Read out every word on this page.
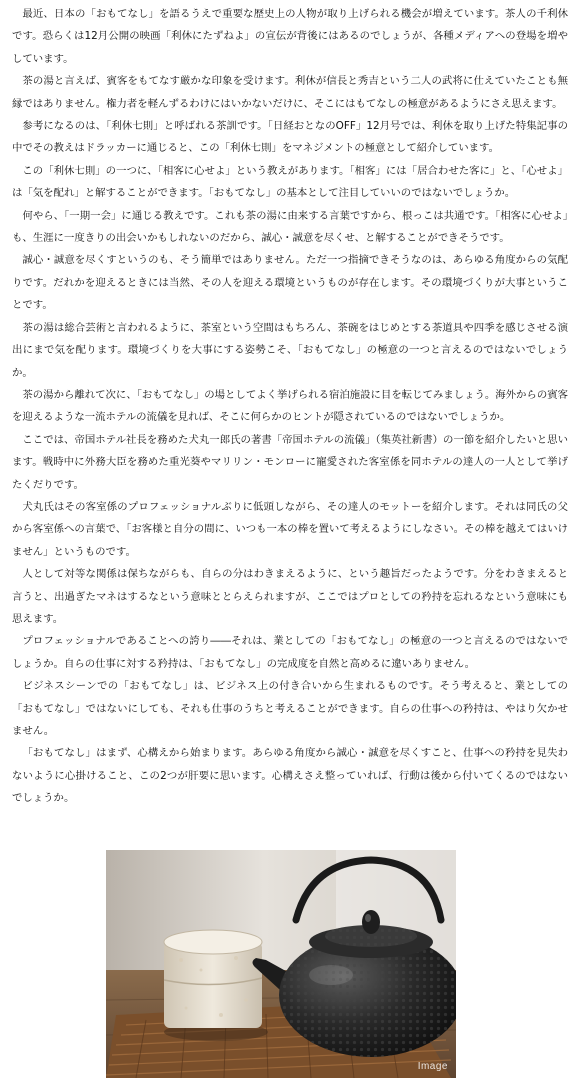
最近、日本の「おもてなし」を語るうえで重要な歴史上の人物が取り上げられる機会が増えています。茶人の千利休です。恐らくは12月公開の映画「利休にたずねよ」の宣伝が背後にはあるのでしょうが、各種メディアへの登場を増やしています。

茶の湯と言えば、賓客をもてなす厳かな印象を受けます。利休が信長と秀吉という二人の武将に仕えていたことも無縁ではありません。権力者を軽んずるわけにはいかないだけに、そこにはもてなしの極意があるようにさえ思えます。

参考になるのは、「利休七則」と呼ばれる茶訓です。「日経おとなのOFF」12月号では、利休を取り上げた特集記事の中でその教えはドラッカーに通じると、この「利休七則」をマネジメントの極意として紹介しています。

この「利休七則」の一つに、「相客に心せよ」という教えがあります。「相客」には「居合わせた客に」と、「心せよ」は「気を配れ」と解することができます。「おもてなし」の基本として注目していいのではないでしょうか。

何やら、「一期一会」に通じる教えです。これも茶の湯に由来する言葉ですから、根っこは共通です。「相客に心せよ」も、生涯に一度きりの出会いかもしれないのだから、誠心・誠意を尽くせ、と解することができそうです。

誠心・誠意を尽くすというのも、そう簡単ではありません。ただ一つ指摘できそうなのは、あらゆる角度からの気配りです。だれかを迎えるときには当然、その人を迎える環境というものが存在します。その環境づくりが大事ということです。

茶の湯は総合芸術と言われるように、茶室という空間はもちろん、茶碗をはじめとする茶道具や四季を感じさせる演出にまで気を配ります。環境づくりを大事にする姿勢こそ、「おもてなし」の極意の一つと言えるのではないでしょうか。

茶の湯から離れて次に、「おもてなし」の場としてよく挙げられる宿泊施設に目を転じてみましょう。海外からの賓客を迎えるような一流ホテルの流儀を見れば、そこに何らかのヒントが隠されているのではないでしょうか。

ここでは、帝国ホテル社長を務めた犬丸一郎氏の著書「帝国ホテルの流儀」（集英社新書）の一節を紹介したいと思います。戦時中に外務大臣を務めた重光葵やマリリン・モンローに寵愛された客室係を同ホテルの達人の一人として挙げたくだりです。

犬丸氏はその客室係のプロフェッショナルぶりに低頭しながら、その達人のモットーを紹介します。それは同氏の父から客室係への言葉で、「お客様と自分の間に、いつも一本の棒を置いて考えるようにしなさい。その棒を越えてはいけません」というものです。

人として対等な関係は保ちながらも、自らの分はわきまえるように、という趣旨だったようです。分をわきまえると言うと、出過ぎたマネはするなという意味ととらえられますが、ここではプロとしての矜持を忘れるなという意味にも思えます。

プロフェッショナルであることへの誇り――それは、業としての「おもてなし」の極意の一つと言えるのではないでしょうか。自らの仕事に対する矜持は、「おもてなし」の完成度を自然と高めるに違いありません。

ビジネスシーンでの「おもてなし」は、ビジネス上の付き合いから生まれるものです。そう考えると、業としての「おもてなし」ではないにしても、それも仕事のうちと考えることができます。自らの仕事への矜持は、やはり欠かせません。

「おもてなし」はまず、心構えから始まります。あらゆる角度から誠心・誠意を尽くすこと、仕事への矜持を見失わないように心掛けること、この2つが肝要に思います。心構えさえ整っていれば、行動は後から付いてくるのではないでしょうか。

Image
